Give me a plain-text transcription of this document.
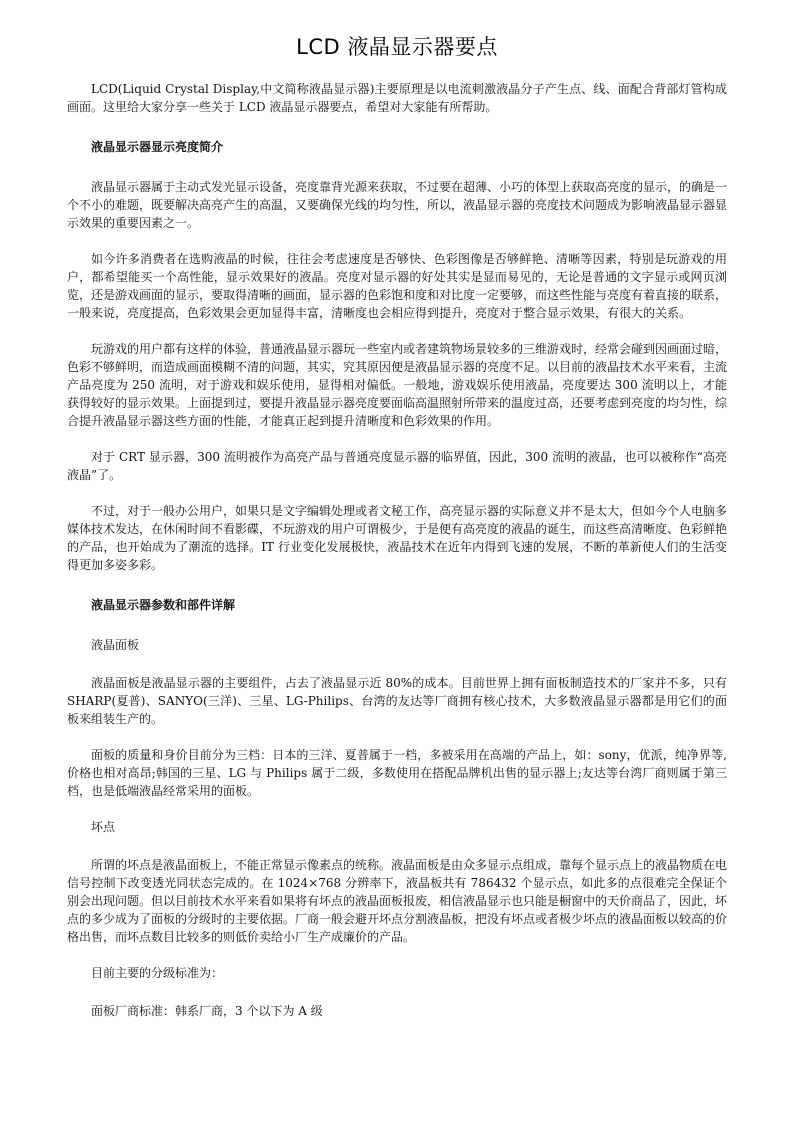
LCD 液晶显示器要点

LCD(Liquid Crystal Display,中文简称液晶显示器)主要原理是以电流刺激液晶分子产生点、线、面配合背部灯管构成画面。这里给大家分享一些关于 LCD 液晶显示器要点，希望对大家能有所帮助。

液晶显示器显示亮度简介

液晶显示器属于主动式发光显示设备，亮度靠背光源来获取，不过要在超薄、小巧的体型上获取高亮度的显示，的确是一个不小的难题，既要解决高亮产生的高温，又要确保光线的均匀性，所以，液晶显示器的亮度技术问题成为影响液晶显示器显示效果的重要因素之一。

如今许多消费者在选购液晶的时候，往往会考虑速度是否够快、色彩图像是否够鲜艳、清晰等因素，特别是玩游戏的用户，都希望能买一个高性能，显示效果好的液晶。亮度对显示器的好处其实是显而易见的，无论是普通的文字显示或网页浏览，还是游戏画面的显示，要取得清晰的画面，显示器的色彩饱和度和对比度一定要够，而这些性能与亮度有着直接的联系，一般来说，亮度提高，色彩效果会更加显得丰富，清晰度也会相应得到提升，亮度对于整合显示效果，有很大的关系。

玩游戏的用户都有这样的体验，普通液晶显示器玩一些室内或者建筑物场景较多的三维游戏时，经常会碰到因画面过暗，色彩不够鲜明，而造成画面模糊不清的问题，其实，究其原因便是液晶显示器的亮度不足。以目前的液晶技术水平来看，主流产品亮度为 250 流明，对于游戏和娱乐使用，显得相对偏低。一般地，游戏娱乐使用液晶，亮度要达 300 流明以上，才能获得较好的显示效果。上面提到过，要提升液晶显示器亮度要面临高温照射所带来的温度过高，还要考虑到亮度的均匀性，综合提升液晶显示器这些方面的性能，才能真正起到提升清晰度和色彩效果的作用。

对于 CRT 显示器，300 流明被作为高亮产品与普通亮度显示器的临界值，因此，300 流明的液晶，也可以被称作“高亮液晶”了。

不过，对于一般办公用户，如果只是文字编辑处理或者文秘工作，高亮显示器的实际意义并不是太大，但如今个人电脑多媒体技术发达，在休闲时间不看影碟，不玩游戏的用户可谓极少，于是便有高亮度的液晶的诞生，而这些高清晰度、色彩鲜艳的产品，也开始成为了潮流的选择。IT 行业变化发展极快，液晶技术在近年内得到飞速的发展，不断的革新使人们的生活变得更加多姿多彩。

液晶显示器参数和部件详解

液晶面板

液晶面板是液晶显示器的主要组件，占去了液晶显示近 80%的成本。目前世界上拥有面板制造技术的厂家并不多，只有 SHARP(夏普)、SANYO(三洋)、三星、LG-Philips、台湾的友达等厂商拥有核心技术，大多数液晶显示器都是用它们的面板来组装生产的。

面板的质量和身价目前分为三档：日本的三洋、夏普属于一档，多被采用在高端的产品上，如：sony，优派，纯净界等,价格也相对高昂;韩国的三星、LG 与 Philips 属于二级，多数使用在搭配品牌机出售的显示器上;友达等台湾厂商则属于第三档，也是低端液晶经常采用的面板。

坏点

所谓的坏点是液晶面板上，不能正常显示像素点的统称。液晶面板是由众多显示点组成，靠每个显示点上的液晶物质在电信号控制下改变透光同状态完成的。在 1024×768 分辨率下，液晶板共有 786432 个显示点，如此多的点很难完全保证个别会出现问题。但以目前技术水平来看如果将有坏点的液晶面板报废，相信液晶显示也只能是橱窗中的天价商品了，因此，坏点的多少成为了面板的分级时的主要依据。厂商一般会避开坏点分割液晶板，把没有坏点或者极少坏点的液晶面板以较高的价格出售，而坏点数目比较多的则低价卖给小厂生产成廉价的产品。

目前主要的分级标准为：

面板厂商标准：韩系厂商，3 个以下为 A 级
